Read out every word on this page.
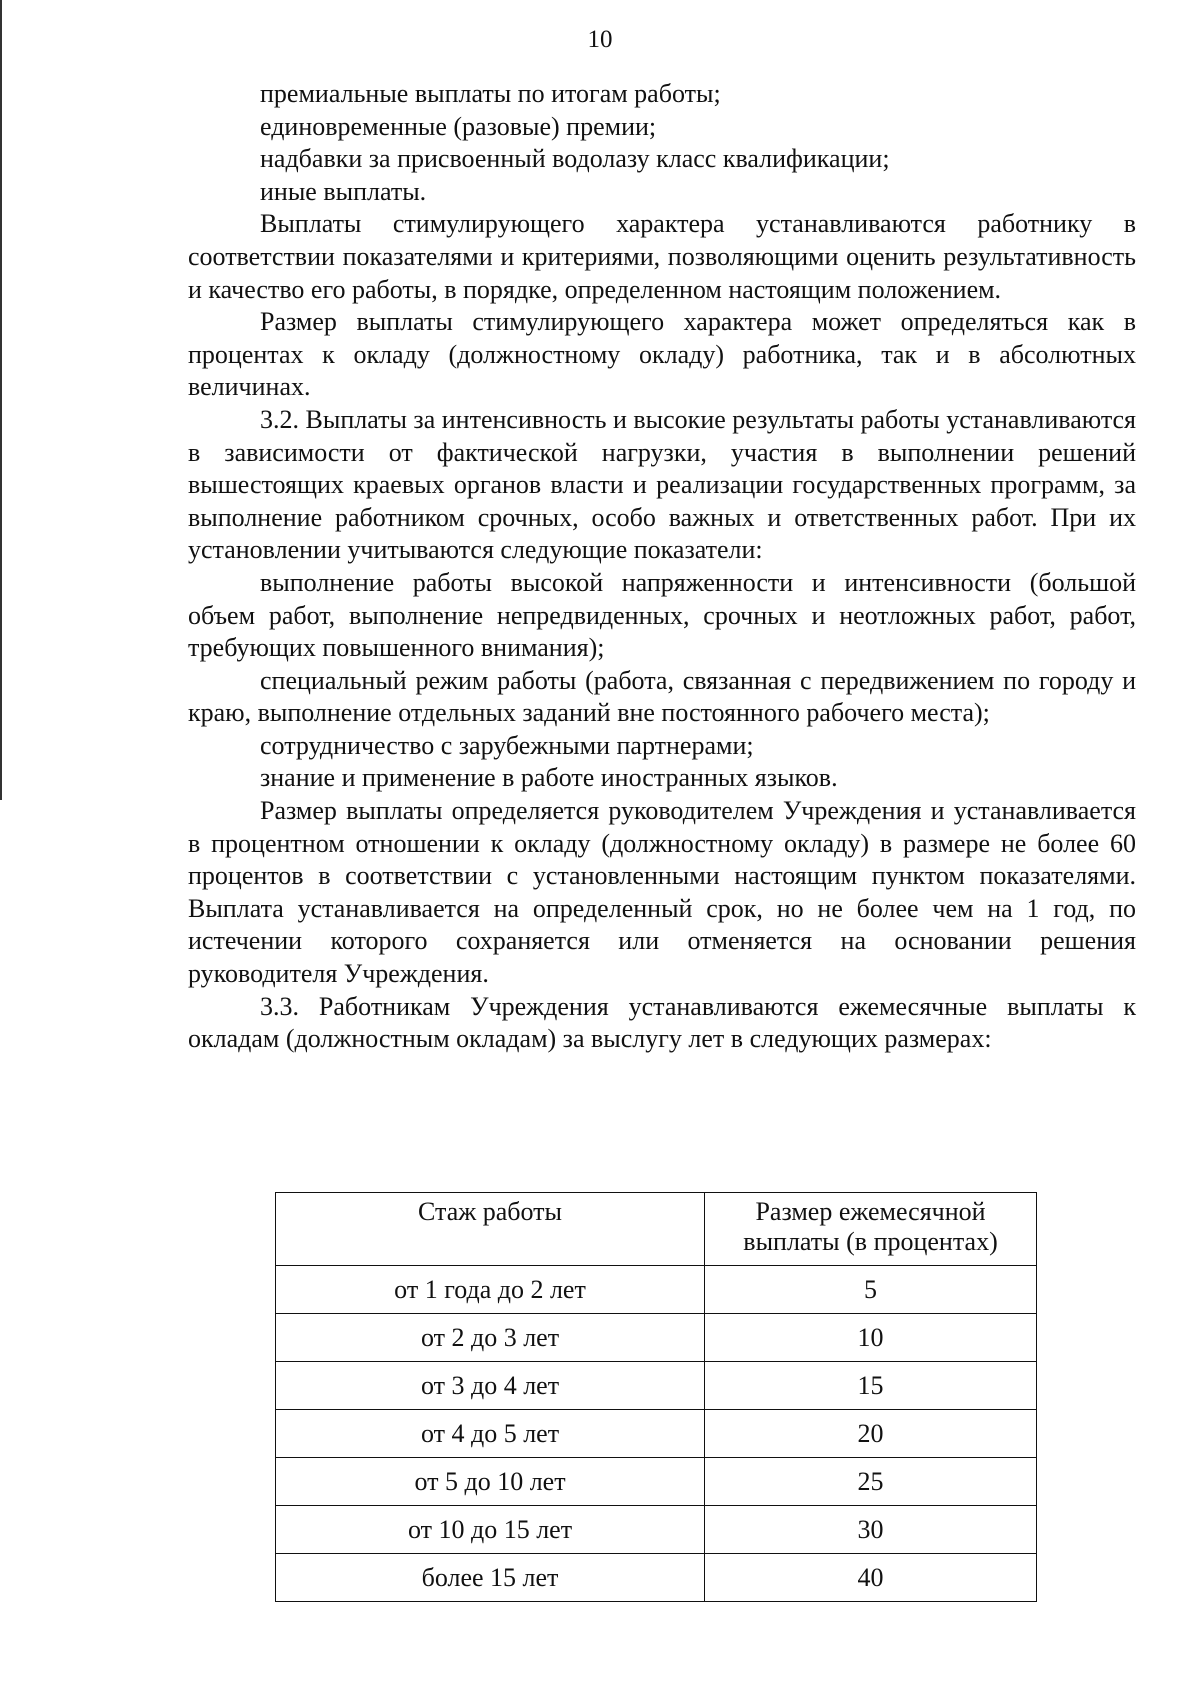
10

премиальные выплаты по итогам работы;

единовременные (разовые) премии;

надбавки за присвоенный водолазу класс квалификации;

иные выплаты.

Выплаты стимулирующего характера устанавливаются работнику в соответствии показателями и критериями, позволяющими оценить результативность и качество его работы, в порядке, определенном настоящим положением.

Размер выплаты стимулирующего характера может определяться как в процентах к окладу (должностному окладу) работника, так и в абсолютных величинах.

3.2. Выплаты за интенсивность и высокие результаты работы устанавливаются в зависимости от фактической нагрузки, участия в выполнении решений вышестоящих краевых органов власти и реализации государственных программ, за выполнение работником срочных, особо важных и ответственных работ. При их установлении учитываются следующие показатели:

выполнение работы высокой напряженности и интенсивности (большой объем работ, выполнение непредвиденных, срочных и неотложных работ, работ, требующих повышенного внимания);

специальный режим работы (работа, связанная с передвижением по городу и краю, выполнение отдельных заданий вне постоянного рабочего места);

сотрудничество с зарубежными партнерами;

знание и применение в работе иностранных языков.

Размер выплаты определяется руководителем Учреждения и устанавливается в процентном отношении к окладу (должностному окладу) в размере не более 60 процентов в соответствии с установленными настоящим пунктом показателями. Выплата устанавливается на определенный срок, но не более чем на 1 год, по истечении которого сохраняется или отменяется на основании решения руководителя Учреждения.

3.3. Работникам Учреждения устанавливаются ежемесячные выплаты к окладам (должностным окладам) за выслугу лет в следующих размерах:

Стаж работы	Размер ежемесячной выплаты (в процентах)
от 1 года до 2 лет	5
от 2 до 3 лет	10
от 3 до 4 лет	15
от 4 до 5 лет	20
от 5 до 10 лет	25
от 10 до 15 лет	30
более 15 лет	40
